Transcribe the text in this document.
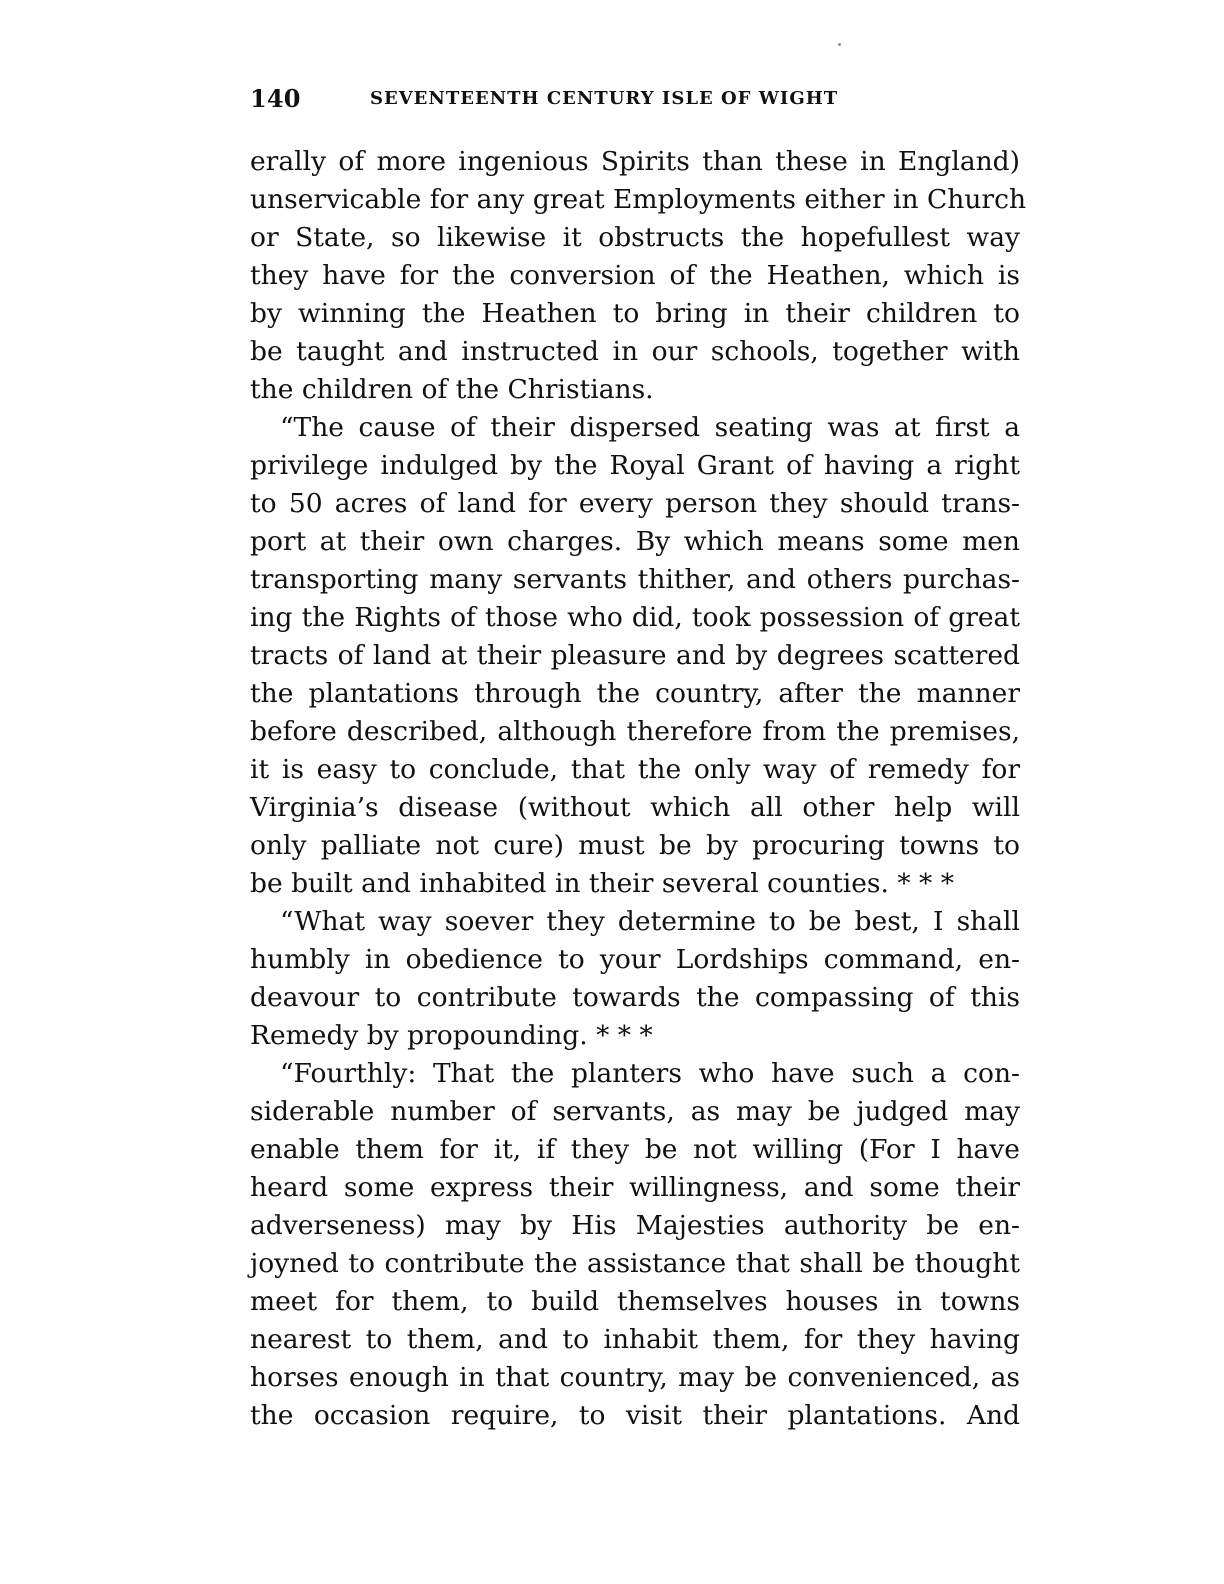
140	SEVENTEENTH CENTURY ISLE OF WIGHT
erally of more ingenious Spirits than these in England)
unservicable for any great Employments either in Church
or State, so likewise it obstructs the hopefullest way
they have for the conversion of the Heathen, which is
by winning the Heathen to bring in their children to
be taught and instructed in our schools, together with
the children of the Christians.
“The cause of their dispersed seating was at first a
privilege indulged by the Royal Grant of having a right
to 50 acres of land for every person they should trans-
port at their own charges. By which means some men
transporting many servants thither, and others purchas-
ing the Rights of those who did, took possession of great
tracts of land at their pleasure and by degrees scattered
the plantations through the country, after the manner
before described, although therefore from the premises,
it is easy to conclude, that the only way of remedy for
Virginia’s disease (without which all other help will
only palliate not cure) must be by procuring towns to
be built and inhabited in their several counties. * * *
“What way soever they determine to be best, I shall
humbly in obedience to your Lordships command, en-
deavour to contribute towards the compassing of this
Remedy by propounding. * * *
“Fourthly: That the planters who have such a con-
siderable number of servants, as may be judged may
enable them for it, if they be not willing (For I have
heard some express their willingness, and some their
adverseness) may by His Majesties authority be en-
joyned to contribute the assistance that shall be thought
meet for them, to build themselves houses in towns
nearest to them, and to inhabit them, for they having
horses enough in that country, may be convenienced, as
the occasion require, to visit their plantations. And
